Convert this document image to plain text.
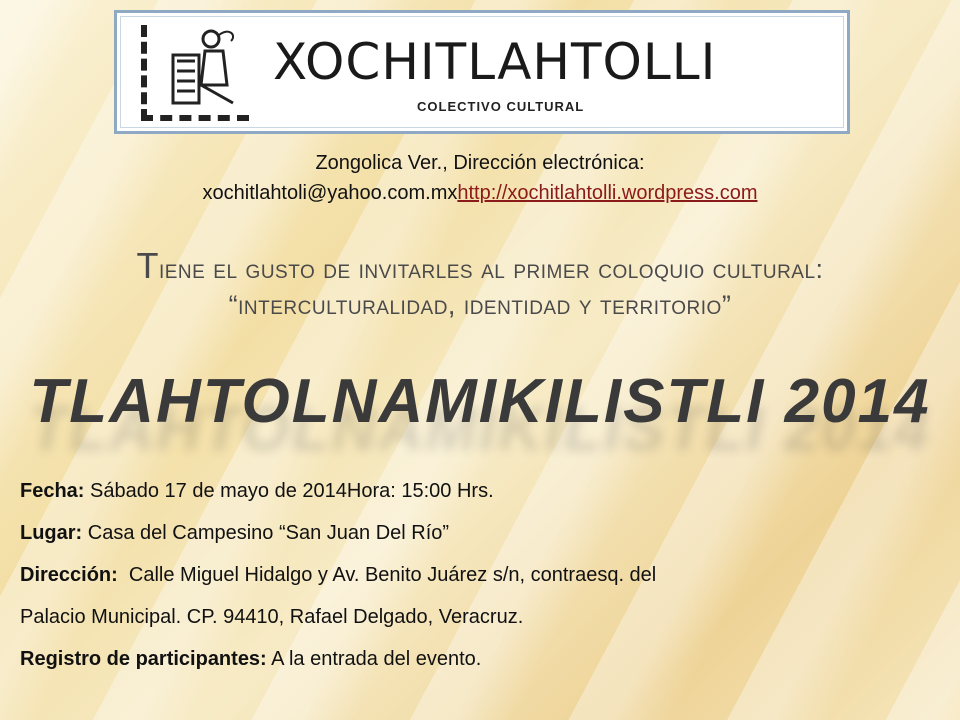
XOCHITLAHTOLLI
COLECTIVO CULTURAL
Zongolica Ver., Dirección electrónica:
xochitlahtoli@yahoo.com.mxhttp://xochitlahtolli.wordpress.com
Tiene el gusto de invitarles al primer coloquio cultural:
“interculturalidad, identidad y territorio”
TLAHTOLNAMIKILISTLI 2014
Fecha: Sábado 17 de mayo de 2014Hora: 15:00 Hrs.
Lugar: Casa del Campesino “San Juan Del Río”
Dirección:  Calle Miguel Hidalgo y Av. Benito Juárez s/n, contraesq. del
Palacio Municipal. CP. 94410, Rafael Delgado, Veracruz.
Registro de participantes: A la entrada del evento.
